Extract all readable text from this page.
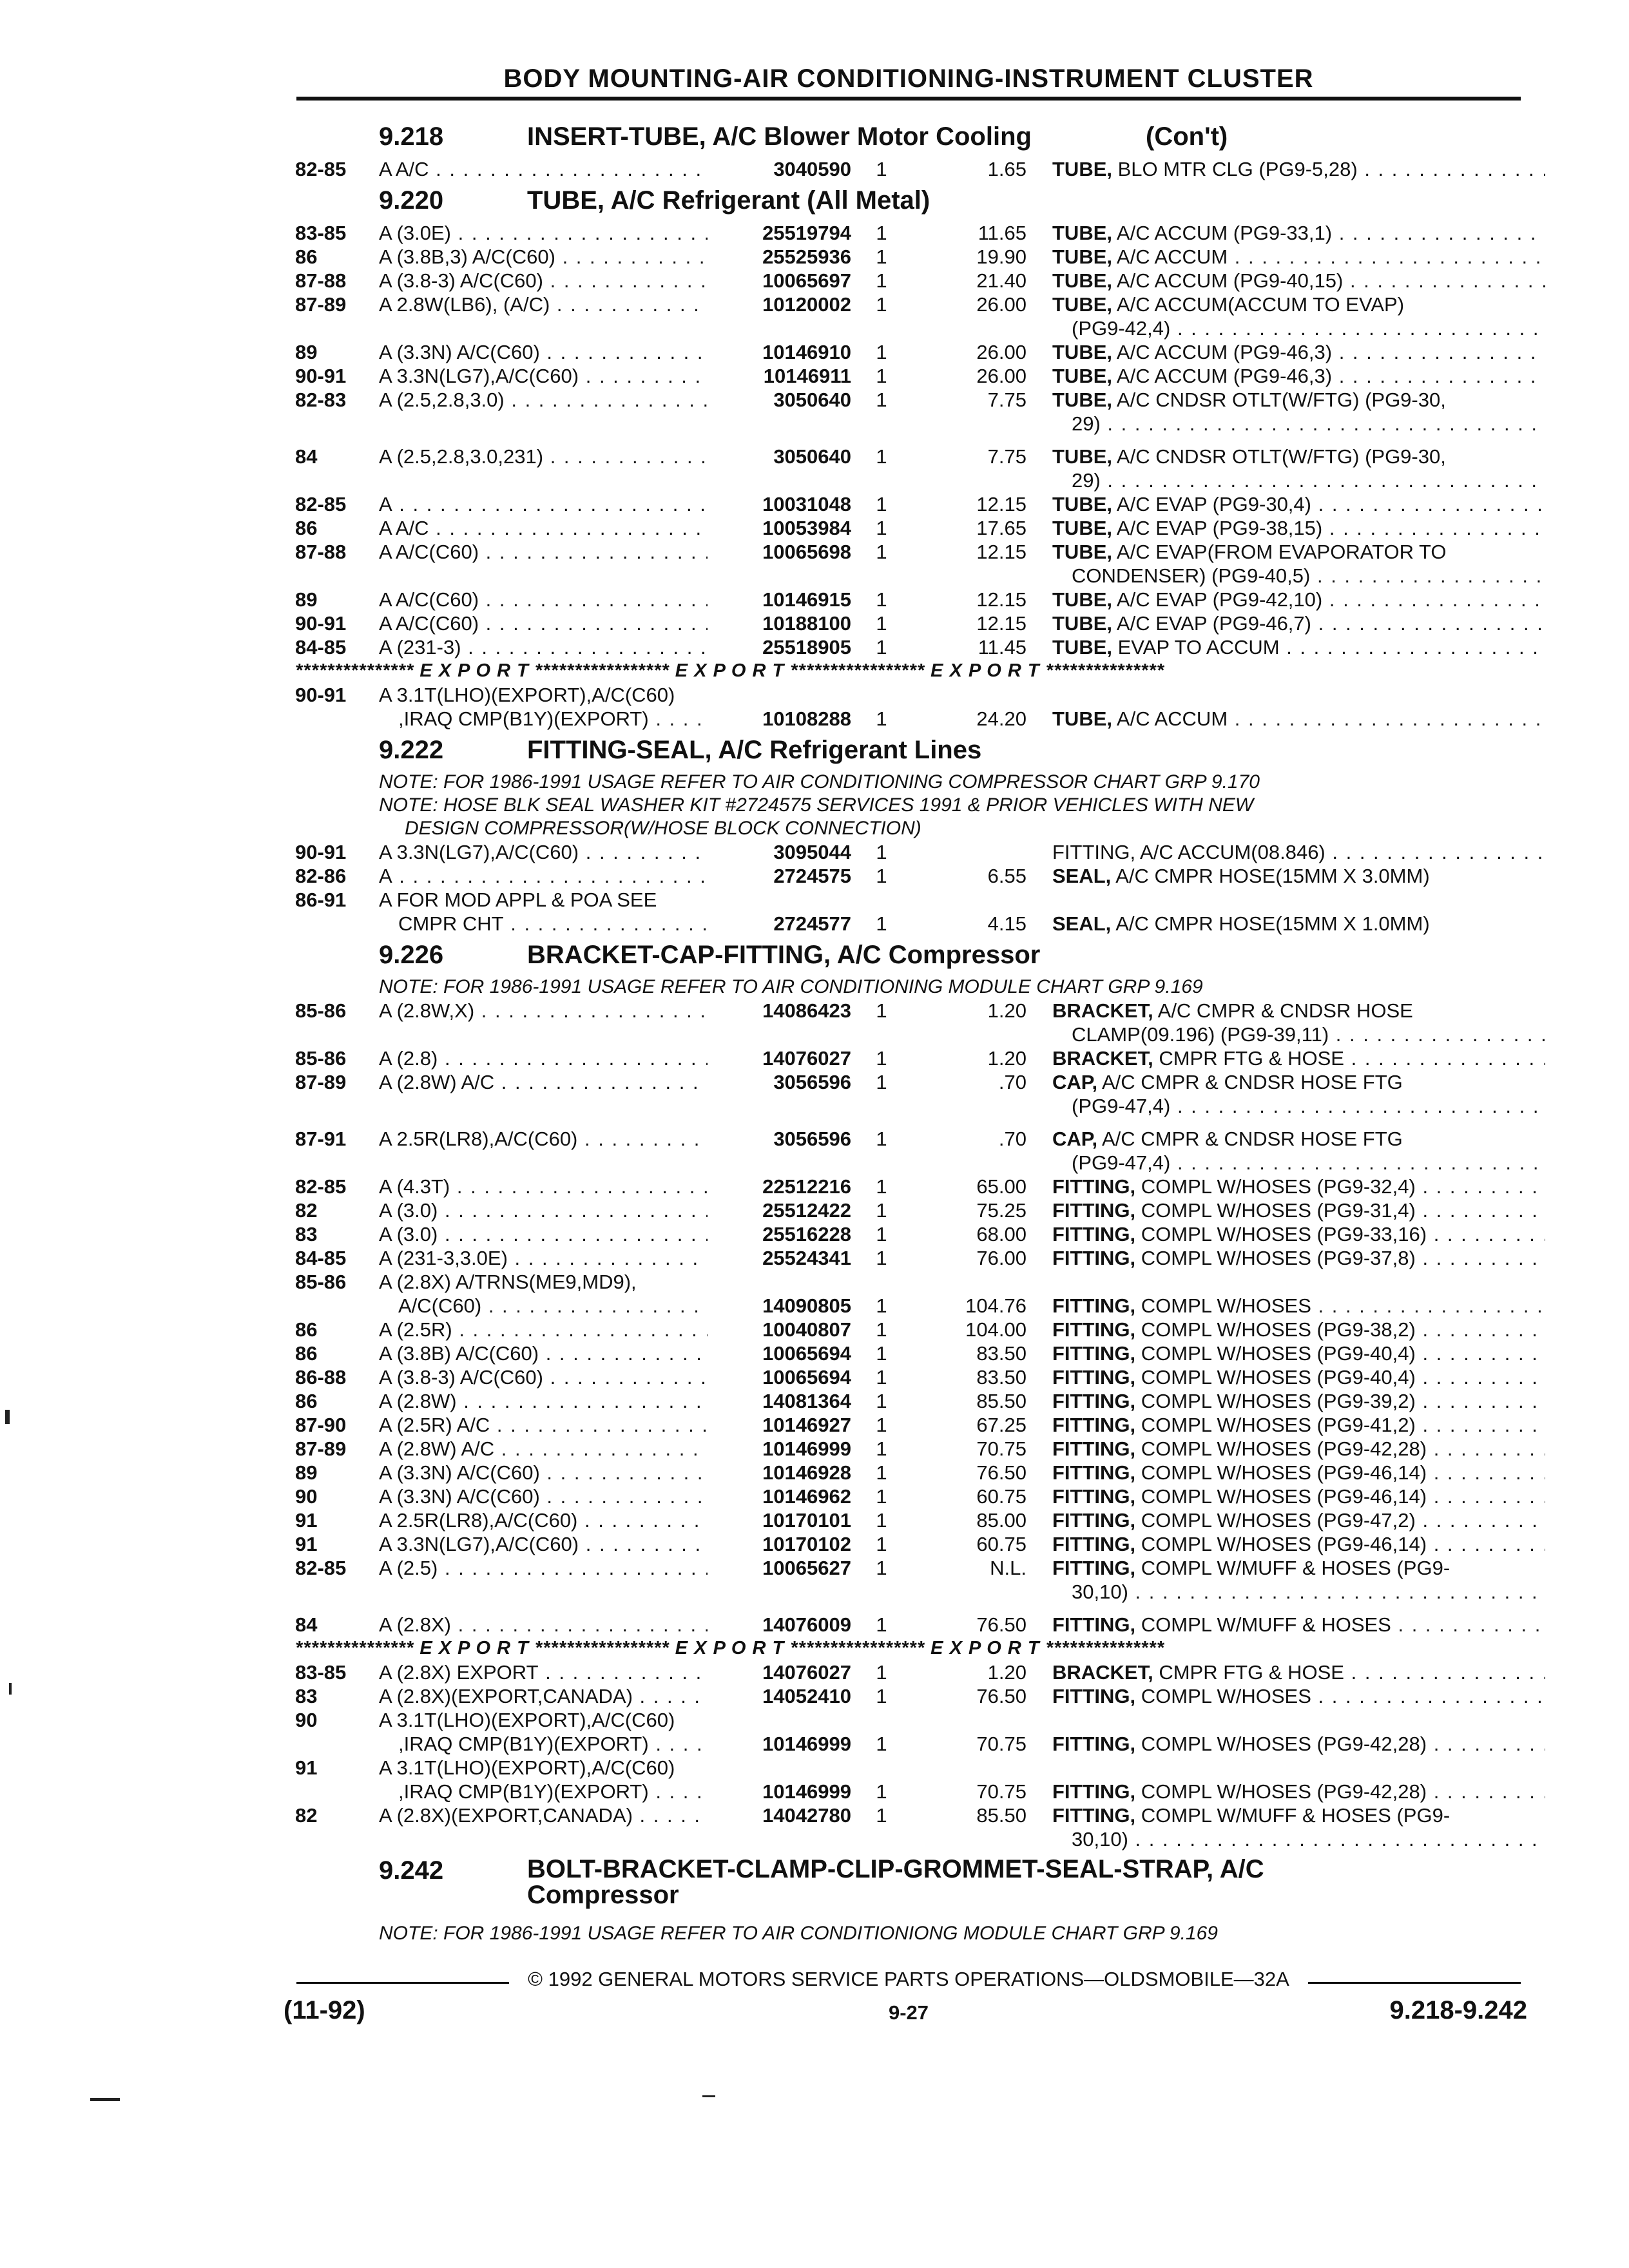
BODY MOUNTING-AIR CONDITIONING-INSTRUMENT CLUSTER
9.218	INSERT-TUBE, A/C Blower Motor Cooling	(Con't)
82-85 A A/C . . .	3040590	1	1.65 TUBE, BLO MTR CLG (PG9-5,28) . . .
9.220	TUBE, A/C Refrigerant (All Metal)
83-85 A (3.0E) . . .	25519794	1	11.65 TUBE, A/C ACCUM (PG9-33,1) . . .
86	A (3.8B,3) A/C(C60) . . .	25525936	1	19.90 TUBE, A/C ACCUM . . .
87-88 A (3.8-3) A/C(C60) . . .	10065697	1	21.40 TUBE, A/C ACCUM (PG9-40,15) . . .
87-89 A 2.8W(LB6), (A/C) . . .	10120002	1	26.00 TUBE, A/C ACCUM(ACCUM TO EVAP)
(PG9-42,4) . . .
89	A (3.3N) A/C(C60) . . .	10146910	1	26.00 TUBE, A/C ACCUM (PG9-46,3) . . .
90-91 A 3.3N(LG7),A/C(C60) . . .	10146911	1	26.00 TUBE, A/C ACCUM (PG9-46,3) . . .
82-83 A (2.5,2.8,3.0) . . .	3050640	1	7.75 TUBE, A/C CNDSR OTLT(W/FTG) (PG9-30,
29) . . .
84	A (2.5,2.8,3.0,231) . . .	3050640	1	7.75 TUBE, A/C CNDSR OTLT(W/FTG) (PG9-30,
29) . . .
82-85 A . . .	10031048	1	12.15 TUBE, A/C EVAP (PG9-30,4) . . .
86	A A/C . . .	10053984	1	17.65 TUBE, A/C EVAP (PG9-38,15) . . .
87-88 A A/C(C60) . . .	10065698	1	12.15 TUBE, A/C EVAP(FROM EVAPORATOR TO
CONDENSER) (PG9-40,5) . . .
89	A A/C(C60) . . .	10146915	1	12.15 TUBE, A/C EVAP (PG9-42,10) . . .
90-91 A A/C(C60) . . .	10188100	1	12.15 TUBE, A/C EVAP (PG9-46,7) . . .
84-85 A (231-3) . . .	25518905	1	11.45 TUBE, EVAP TO ACCUM . . .
*************** E X P O R T ***************** E X P O R T ***************** E X P O R T ***************
90-91 A 3.1T(LHO)(EXPORT),A/C(C60)
,IRAQ CMP(B1Y)(EXPORT) . . .	10108288	1	24.20 TUBE, A/C ACCUM . . .
9.222	FITTING-SEAL, A/C Refrigerant Lines
NOTE: FOR 1986-1991 USAGE REFER TO AIR CONDITIONING COMPRESSOR CHART GRP 9.170
NOTE: HOSE BLK SEAL WASHER KIT #2724575 SERVICES 1991 & PRIOR VEHICLES WITH NEW
DESIGN COMPRESSOR(W/HOSE BLOCK CONNECTION)
90-91 A 3.3N(LG7),A/C(C60) . . .	3095044	1	FITTING, A/C ACCUM(08.846) . . .
82-86 A . . .	2724575	1	6.55 SEAL, A/C CMPR HOSE(15MM X 3.0MM)
86-91 A FOR MOD APPL & POA SEE
CMPR CHT . . .	2724577	1	4.15 SEAL, A/C CMPR HOSE(15MM X 1.0MM)
9.226	BRACKET-CAP-FITTING, A/C Compressor
NOTE: FOR 1986-1991 USAGE REFER TO AIR CONDITIONING MODULE CHART GRP 9.169
85-86 A (2.8W,X) . . .	14086423	1	1.20 BRACKET, A/C CMPR & CNDSR HOSE
CLAMP(09.196) (PG9-39,11) . . .
85-86 A (2.8) . . .	14076027	1	1.20 BRACKET, CMPR FTG & HOSE . . .
87-89 A (2.8W) A/C . . .	3056596	1	.70 CAP, A/C CMPR & CNDSR HOSE FTG
(PG9-47,4) . . .
87-91 A 2.5R(LR8),A/C(C60) . . .	3056596	1	.70 CAP, A/C CMPR & CNDSR HOSE FTG
(PG9-47,4) . . .
82-85 A (4.3T) . . .	22512216	1	65.00 FITTING, COMPL W/HOSES (PG9-32,4) . . .
82	A (3.0) . . .	25512422	1	75.25 FITTING, COMPL W/HOSES (PG9-31,4) . . .
83	A (3.0) . . .	25516228	1	68.00 FITTING, COMPL W/HOSES (PG9-33,16) . . .
84-85 A (231-3,3.0E) . . .	25524341	1	76.00 FITTING, COMPL W/HOSES (PG9-37,8) . . .
85-86 A (2.8X) A/TRNS(ME9,MD9),
A/C(C60) . . .	14090805	1	104.76 FITTING, COMPL W/HOSES . . .
86	A (2.5R) . . .	10040807	1	104.00 FITTING, COMPL W/HOSES (PG9-38,2) . . .
86	A (3.8B) A/C(C60) . . .	10065694	1	83.50 FITTING, COMPL W/HOSES (PG9-40,4) . . .
86-88 A (3.8-3) A/C(C60) . . .	10065694	1	83.50 FITTING, COMPL W/HOSES (PG9-40,4) . . .
86	A (2.8W) . . .	14081364	1	85.50 FITTING, COMPL W/HOSES (PG9-39,2) . . .
87-90 A (2.5R) A/C . . .	10146927	1	67.25 FITTING, COMPL W/HOSES (PG9-41,2) . . .
87-89 A (2.8W) A/C . . .	10146999	1	70.75 FITTING, COMPL W/HOSES (PG9-42,28) . . .
89	A (3.3N) A/C(C60) . . .	10146928	1	76.50 FITTING, COMPL W/HOSES (PG9-46,14) . . .
90	A (3.3N) A/C(C60) . . .	10146962	1	60.75 FITTING, COMPL W/HOSES (PG9-46,14) . . .
91	A 2.5R(LR8),A/C(C60) . . .	10170101	1	85.00 FITTING, COMPL W/HOSES (PG9-47,2) . . .
91	A 3.3N(LG7),A/C(C60) . . .	10170102	1	60.75 FITTING, COMPL W/HOSES (PG9-46,14) . . .
82-85 A (2.5) . . .	10065627	1	N.L. FITTING, COMPL W/MUFF & HOSES (PG9-
30,10) . . .
84	A (2.8X) . . .	14076009	1	76.50 FITTING, COMPL W/MUFF & HOSES . . .
*************** E X P O R T ***************** E X P O R T ***************** E X P O R T ***************
83-85 A (2.8X) EXPORT . . .	14076027	1	1.20 BRACKET, CMPR FTG & HOSE . . .
83	A (2.8X)(EXPORT,CANADA) . . .	14052410	1	76.50 FITTING, COMPL W/HOSES . . .
90	A 3.1T(LHO)(EXPORT),A/C(C60)
,IRAQ CMP(B1Y)(EXPORT) . . .	10146999	1	70.75 FITTING, COMPL W/HOSES (PG9-42,28) . . .
91	A 3.1T(LHO)(EXPORT),A/C(C60)
,IRAQ CMP(B1Y)(EXPORT) . . .	10146999	1	70.75 FITTING, COMPL W/HOSES (PG9-42,28) . . .
82	A (2.8X)(EXPORT,CANADA) . . .	14042780	1	85.50 FITTING, COMPL W/MUFF & HOSES (PG9-
30,10) . . .
9.242	BOLT-BRACKET-CLAMP-CLIP-GROMMET-SEAL-STRAP, A/C
Compressor
NOTE: FOR 1986-1991 USAGE REFER TO AIR CONDITIONIONG MODULE CHART GRP 9.169
© 1992 GENERAL MOTORS SERVICE PARTS OPERATIONS—OLDSMOBILE—32A
(11-92)	9-27	9.218-9.242
